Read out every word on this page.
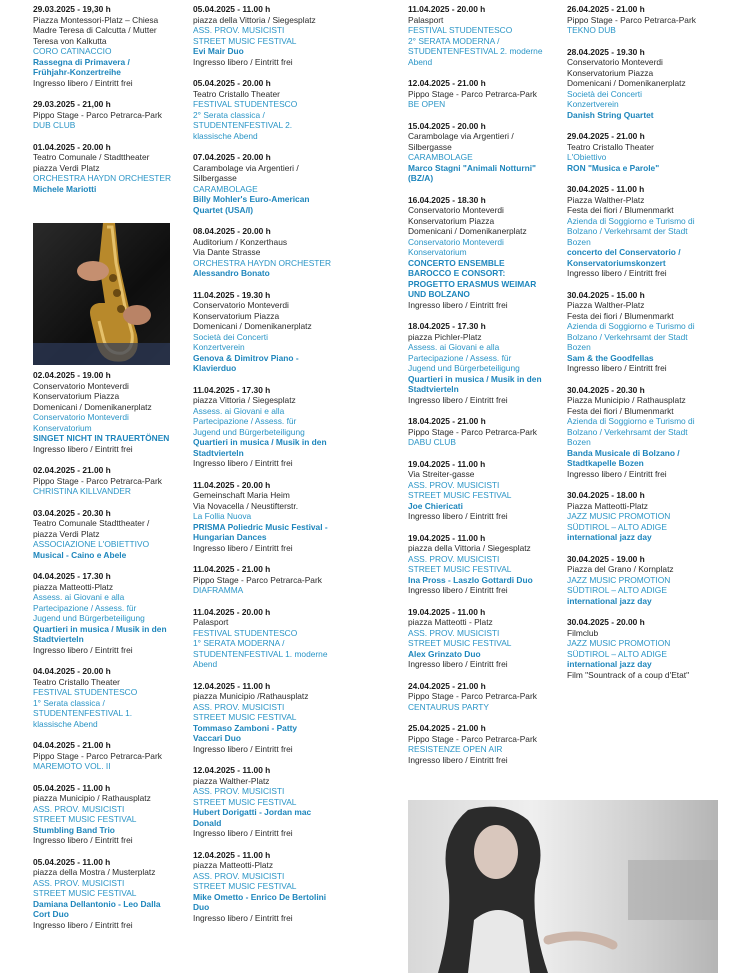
29.03.2025 - 19,30 h
Piazza Montessori-Platz – Chiesa
Madre Teresa di Calcutta / Mutter
Teresa von Kalkutta
CORO CATINACCIO
Rassegna di Primavera /
Frühjahr-Konzertreihe
Ingresso libero / Eintritt frei
29.03.2025 - 21,00 h
Pippo Stage - Parco Petrarca-Park
DUB CLUB
01.04.2025 - 20.00 h
Teatro Comunale / Stadttheater
piazza Verdi Platz
ORCHESTRA HAYDN ORCHESTER
Michele Mariotti
02.04.2025 - 19.00 h
Conservatorio Monteverdi
Konservatorium Piazza
Domenicani / Domenikanerplatz
Conservatorio Monteverdi
Konservatorium
SINGET NICHT IN TRAUERTÖNEN
Ingresso libero / Eintritt frei
02.04.2025 - 21.00 h
Pippo Stage - Parco Petrarca-Park
CHRISTINA KILLVANDER
03.04.2025 - 20.30 h
Teatro Comunale Stadttheater /
piazza Verdi Platz
ASSOCIAZIONE L'OBIETTIVO
Musical - Caino e Abele
04.04.2025 - 17.30 h
piazza Matteotti-Platz
Assess. ai Giovani e alla
Partecipazione / Assess. für
Jugend und Bürgerbeteiligung
Quartieri in musica / Musik in den
Stadtvierteln
Ingresso libero / Eintritt frei
04.04.2025 - 20.00 h
Teatro Cristallo Theater
FESTIVAL STUDENTESCO
1° Serata classica /
STUDENTENFESTIVAL 1.
klassische Abend
04.04.2025 - 21.00 h
Pippo Stage - Parco Petrarca-Park
MAREMOTO VOL. II
05.04.2025 - 11.00 h
piazza Municipio / Rathausplatz
ASS. PROV. MUSICISTI
STREET MUSIC FESTIVAL
Stumbling Band Trio
Ingresso libero / Eintritt frei
05.04.2025 - 11.00 h
piazza della Mostra / Musterplatz
ASS. PROV. MUSICISTI
STREET MUSIC FESTIVAL
Damiana Dellantonio - Leo Dalla
Cort Duo
Ingresso libero / Eintritt frei
05.04.2025 - 11.00 h
piazza della Vittoria / Siegesplatz
ASS. PROV. MUSICISTI
STREET MUSIC FESTIVAL
Evi Mair Duo
Ingresso libero / Eintritt frei
05.04.2025 - 20.00 h
Teatro Cristallo Theater
FESTIVAL STUDENTESCO
2° Serata classica /
STUDENTENFESTIVAL 2.
klassische Abend
07.04.2025 - 20.00 h
Carambolage via Argentieri /
Silbergasse
CARAMBOLAGE
Billy Mohler's Euro-American
Quartet (USA/I)
08.04.2025 - 20.00 h
Auditorium / Konzerthaus
Via Dante Strasse
ORCHESTRA HAYDN ORCHESTER
Alessandro Bonato
11.04.2025 - 19.30 h
Conservatorio Monteverdi
Konservatorium Piazza
Domenicani / Domenikanerplatz
Società dei Concerti
Konzertverein
Genova & Dimitrov Piano -
Klavierduo
11.04.2025 - 17.30 h
piazza Vittoria / Siegesplatz
Assess. ai Giovani e alla
Partecipazione / Assess. für
Jugend und Bürgerbeteiligung
Quartieri in musica / Musik in den
Stadtvierteln
Ingresso libero / Eintritt frei
11.04.2025 - 20.00 h
Gemeinschaft Maria Heim
Via Novacella / Neustifterstr.
La Follia Nuova
PRISMA Poliedric Music Festival -
Hungarian Dances
Ingresso libero / Eintritt frei
11.04.2025 - 21.00 h
Pippo Stage - Parco Petrarca-Park
DIAFRAMMA
11.04.2025 - 20.00 h
Palasport
FESTIVAL STUDENTESCO
1° SERATA MODERNA /
STUDENTENFESTIVAL 1. moderne
Abend
12.04.2025 - 11.00 h
piazza Municipio /Rathausplatz
ASS. PROV. MUSICISTI
STREET MUSIC FESTIVAL
Tommaso Zamboni - Patty
Vaccari Duo
Ingresso libero / Eintritt frei
12.04.2025 - 11.00 h
piazza Walther-Platz
ASS. PROV. MUSICISTI
STREET MUSIC FESTIVAL
Hubert Dorigatti - Jordan mac
Donald
Ingresso libero / Eintritt frei
12.04.2025 - 11.00 h
piazza Matteotti-Platz
ASS. PROV. MUSICISTI
STREET MUSIC FESTIVAL
Mike Ometto - Enrico De Bertolini
Duo
Ingresso libero / Eintritt frei
11.04.2025 - 20.00 h
Palasport
FESTIVAL STUDENTESCO
2° SERATA MODERNA /
STUDENTENFESTIVAL 2. moderne
Abend
12.04.2025 - 21.00 h
Pippo Stage - Parco Petrarca-Park
BE OPEN
15.04.2025 - 20.00 h
Carambolage via Argentieri /
Silbergasse
CARAMBOLAGE
Marco Stagni "Animali Notturni"
(BZ/A)
16.04.2025 - 18.30 h
Conservatorio Monteverdi
Konservatorium Piazza
Domenicani / Domenikanerplatz
Conservatorio Monteverdi
Konservatorium
CONCERTO ENSEMBLE
BAROCCO E CONSORT:
PROGETTO ERASMUS WEIMAR
UND BOLZANO
Ingresso libero / Eintritt frei
18.04.2025 - 17.30 h
piazza Pichler-Platz
Assess. ai Giovani e alla
Partecipazione / Assess. für
Jugend und Bürgerbeteiligung
Quartieri in musica / Musik in den
Stadtvierteln
Ingresso libero / Eintritt frei
18.04.2025 - 21.00 h
Pippo Stage - Parco Petrarca-Park
DABU CLUB
19.04.2025 - 11.00 h
Via Streiter-gasse
ASS. PROV. MUSICISTI
STREET MUSIC FESTIVAL
Joe Chiericati
Ingresso libero / Eintritt frei
19.04.2025 - 11.00 h
piazza della Vittoria / Siegesplatz
ASS. PROV. MUSICISTI
STREET MUSIC FESTIVAL
Ina Pross - Laszlo Gottardi Duo
Ingresso libero / Eintritt frei
19.04.2025 - 11.00 h
piazza Matteotti - Platz
ASS. PROV. MUSICISTI
STREET MUSIC FESTIVAL
Alex Grinzato Duo
Ingresso libero / Eintritt frei
24.04.2025 - 21.00 h
Pippo Stage - Parco Petrarca-Park
CENTAURUS PARTY
25.04.2025 - 21.00 h
Pippo Stage - Parco Petrarca-Park
RESISTENZE OPEN AIR
Ingresso libero / Eintritt frei
26.04.2025 - 21.00 h
Pippo Stage - Parco Petrarca-Park
TEKNO DUB
28.04.2025 - 19.30 h
Conservatorio Monteverdi
Konservatorium Piazza
Domenicani / Domenikanerplatz
Società dei Concerti
Konzertverein
Danish String Quartet
29.04.2025 - 21.00 h
Teatro Cristallo Theater
L'Obiettivo
RON "Musica e Parole"
30.04.2025 - 11.00 h
Piazza Walther-Platz
Festa dei fiori / Blumenmarkt
Azienda di Soggiorno e Turismo di
Bolzano / Verkehrsamt der Stadt
Bozen
concerto del Conservatorio /
Konservatoriumskonzert
Ingresso libero / Eintritt frei
30.04.2025 - 15.00 h
Piazza Walther-Platz
Festa dei fiori / Blumenmarkt
Azienda di Soggiorno e Turismo di
Bolzano / Verkehrsamt der Stadt
Bozen
Sam & the Goodfellas
Ingresso libero / Eintritt frei
30.04.2025 - 20.30 h
Piazza Municipio / Rathausplatz
Festa dei fiori / Blumenmarkt
Azienda di Soggiorno e Turismo di
Bolzano / Verkehrsamt der Stadt
Bozen
Banda Musicale di Bolzano /
Stadtkapelle Bozen
Ingresso libero / Eintritt frei
30.04.2025 - 18.00 h
Piazza Matteotti-Platz
JAZZ MUSIC PROMOTION
SÜDTIROL – ALTO ADIGE
international jazz day
30.04.2025 - 19.00 h
Piazza del Grano / Kornplatz
JAZZ MUSIC PROMOTION
SÜDTIROL – ALTO ADIGE
international jazz day
30.04.2025 - 20.00 h
Filmclub
JAZZ MUSIC PROMOTION
SÜDTIROL – ALTO ADIGE
international jazz day
Film "Sountrack of a coup d'Etat"
